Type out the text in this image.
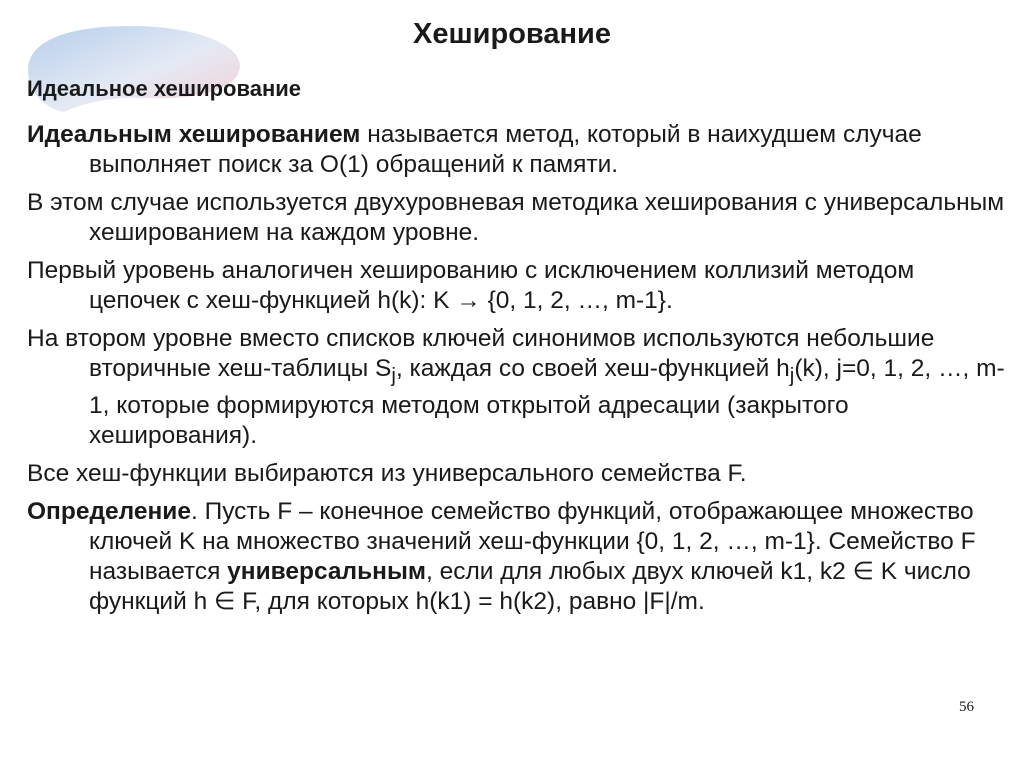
Хеширование
Идеальное хеширование

Идеальным хешированием называется метод, который в наихудшем случае выполняет поиск за O(1) обращений к памяти.

В этом случае используется двухуровневая методика хеширования с универсальным хешированием на каждом уровне.

Первый уровень аналогичен хешированию с исключением коллизий методом цепочек с хеш-функцией h(k): K → {0, 1, 2, …, m-1}.

На втором уровне вместо списков ключей синонимов используются небольшие вторичные хеш-таблицы $S_j$, каждая со своей хеш-функцией $h_j(k)$, j=0, 1, 2, …, m-1, которые формируются методом открытой адресации (закрытого хеширования).

Все хеш-функции выбираются из универсального семейства F.

Определение. Пусть F – конечное семейство функций, отображающее множество ключей K на множество значений хеш-функции {0, 1, 2, …, m-1}. Семейство F называется универсальным, если для любых двух ключей k1, k2 ∈ K число функций h ∈ F, для которых h(k1) = h(k2), равно |F|/m.

56
